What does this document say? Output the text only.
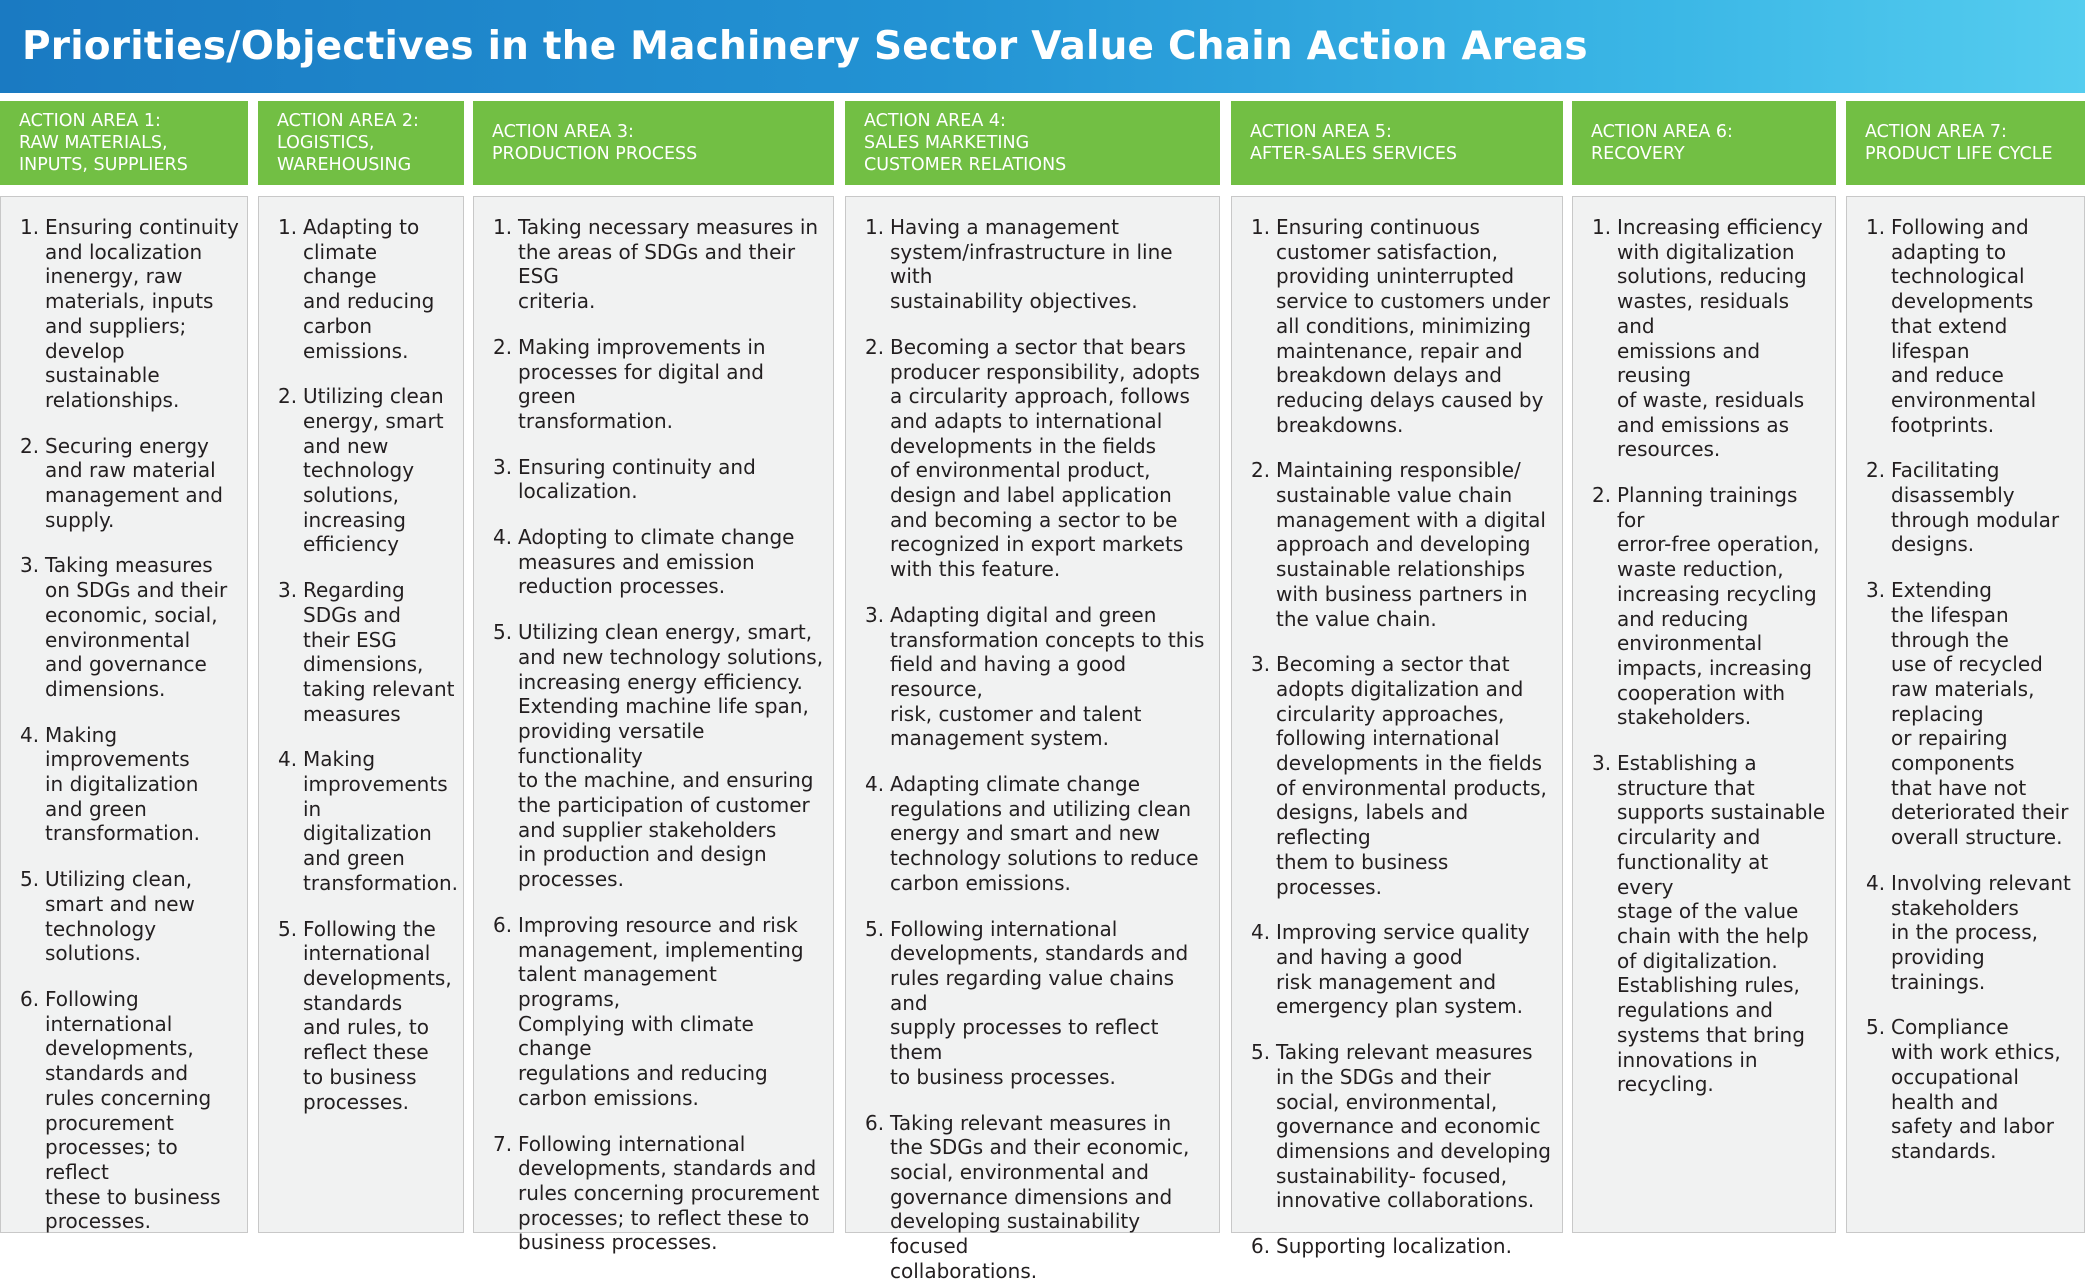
Priorities/Objectives in the Machinery Sector Value Chain Action Areas
ACTION AREA 1:
RAW MATERIALS,
INPUTS, SUPPLIERS
Ensuring continuity
and localization
inenergy, raw
materials, inputs
and suppliers;
develop sustainable
relationships.
Securing energy
and raw material
management and
supply.
Taking measures
on SDGs and their
economic, social,
environmental
and governance
dimensions.
Making
improvements
in digitalization
and green
transformation.
Utilizing clean,
smart and new
technology
solutions.
Following
international
developments,
standards and
rules concerning
procurement
processes; to reflect
these to business
processes.
ACTION AREA 2:
LOGISTICS,
WAREHOUSING
Adapting to
climate change
and reducing
carbon
emissions.
Utilizing clean
energy, smart
and new
technology
solutions,
increasing
efficiency
Regarding
SDGs and
their ESG
dimensions,
taking relevant
measures
Making
improvements
in digitalization
and green
transformation.
Following the
international
developments,
standards
and rules, to
reflect these
to business
processes.
ACTION AREA 3:
PRODUCTION PROCESS
Taking necessary measures in
the areas of SDGs and their ESG
criteria.
Making improvements in
processes for digital and green
transformation.
Ensuring continuity and
localization.
Adopting to climate change
measures and emission
reduction processes.
Utilizing clean energy, smart,
and new technology solutions,
increasing energy efficiency.
Extending machine life span,
providing versatile functionality
to the machine, and ensuring
the participation of customer
and supplier stakeholders
in production and design
processes.
Improving resource and risk
management, implementing
talent management programs,
Complying with climate change
regulations and reducing
carbon emissions.
Following international
developments, standards and
rules concerning procurement
processes; to reflect these to
business processes.
ACTION AREA 4:
SALES MARKETING
CUSTOMER RELATIONS
Having a management
system/infrastructure in line with
sustainability objectives.
Becoming a sector that bears
producer responsibility, adopts
a circularity approach, follows
and adapts to international
developments in the fields
of environmental product,
design and label application
and becoming a sector to be
recognized in export markets
with this feature.
Adapting digital and green
transformation concepts to this
field and having a good resource,
risk, customer and talent
management system.
Adapting climate change
regulations and utilizing clean
energy and smart and new
technology solutions to reduce
carbon emissions.
Following international
developments, standards and
rules regarding value chains and
supply processes to reflect them
to business processes.
Taking relevant measures in
the SDGs and their economic,
social, environmental and
governance dimensions and
developing sustainability focused
collaborations.
ACTION AREA 5:
AFTER-SALES SERVICES
Ensuring continuous
customer satisfaction,
providing uninterrupted
service to customers under
all conditions, minimizing
maintenance, repair and
breakdown delays and
reducing delays caused by
breakdowns.
Maintaining responsible/
sustainable value chain
management with a digital
approach and developing
sustainable relationships
with business partners in
the value chain.
Becoming a sector that
adopts digitalization and
circularity approaches,
following international
developments in the fields
of environmental products,
designs, labels and reflecting
them to business processes.
Improving service quality
and having a good
risk management and
emergency plan system.
Taking relevant measures
in the SDGs and their
social, environmental,
governance and economic
dimensions and developing
sustainability- focused,
innovative collaborations.
Supporting localization.
ACTION AREA 6:
RECOVERY
Increasing efficiency
with digitalization
solutions, reducing
wastes, residuals and
emissions and reusing
of waste, residuals
and emissions as
resources.
Planning trainings for
error-free operation,
waste reduction,
increasing recycling
and reducing
environmental
impacts, increasing
cooperation with
stakeholders.
Establishing a
structure that
supports sustainable
circularity and
functionality at every
stage of the value
chain with the help
of digitalization.
Establishing rules,
regulations and
systems that bring
innovations in
recycling.
ACTION AREA 7:
PRODUCT LIFE CYCLE
Following and
adapting to
technological
developments
that extend
lifespan
and reduce
environmental
footprints.
Facilitating
disassembly
through modular
designs.
Extending
the lifespan
through the
use of recycled
raw materials,
replacing
or repairing
components
that have not
deteriorated their
overall structure.
Involving relevant
stakeholders
in the process,
providing
trainings.
Compliance
with work ethics,
occupational
health and
safety and labor
standards.
